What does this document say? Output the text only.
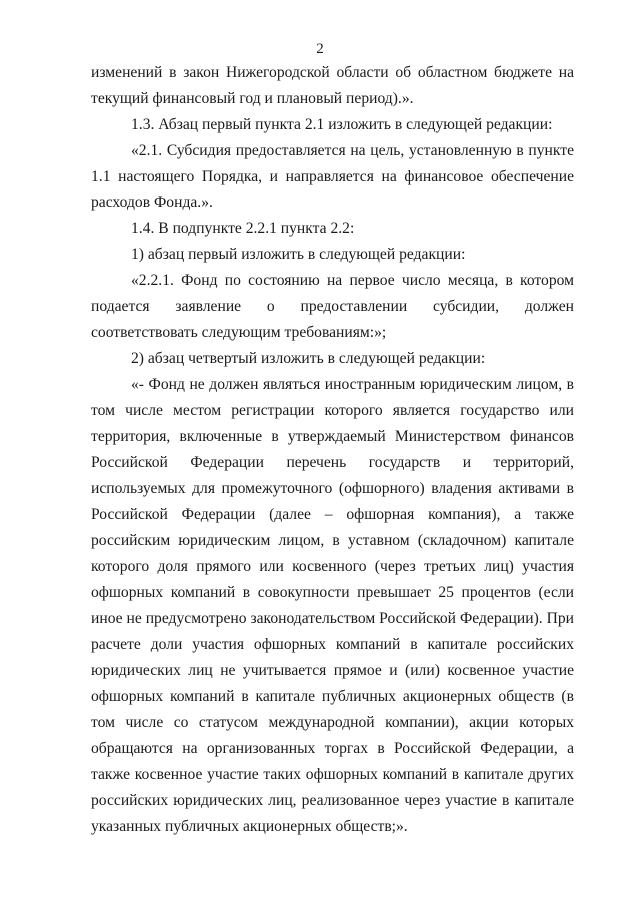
2

изменений в закон Нижегородской области об областном бюджете на текущий финансовый год и плановый период).».

1.3. Абзац первый пункта 2.1 изложить в следующей редакции:

«2.1. Субсидия предоставляется на цель, установленную в пункте 1.1 настоящего Порядка, и направляется на финансовое обеспечение расходов Фонда.».

1.4. В подпункте 2.2.1 пункта 2.2:

1) абзац первый изложить в следующей редакции:

«2.2.1. Фонд по состоянию на первое число месяца, в котором подается заявление о предоставлении субсидии, должен соответствовать следующим требованиям:»;

2) абзац четвертый изложить в следующей редакции:

«- Фонд не должен являться иностранным юридическим лицом, в том числе местом регистрации которого является государство или территория, включенные в утверждаемый Министерством финансов Российской Федерации перечень государств и территорий, используемых для промежуточного (офшорного) владения активами в Российской Федерации (далее – офшорная компания), а также российским юридическим лицом, в уставном (складочном) капитале которого доля прямого или косвенного (через третьих лиц) участия офшорных компаний в совокупности превышает 25 процентов (если иное не предусмотрено законодательством Российской Федерации). При расчете доли участия офшорных компаний в капитале российских юридических лиц не учитывается прямое и (или) косвенное участие офшорных компаний в капитале публичных акционерных обществ (в том числе со статусом международной компании), акции которых обращаются на организованных торгах в Российской Федерации, а также косвенное участие таких офшорных компаний в капитале других российских юридических лиц, реализованное через участие в капитале указанных публичных акционерных обществ;».
